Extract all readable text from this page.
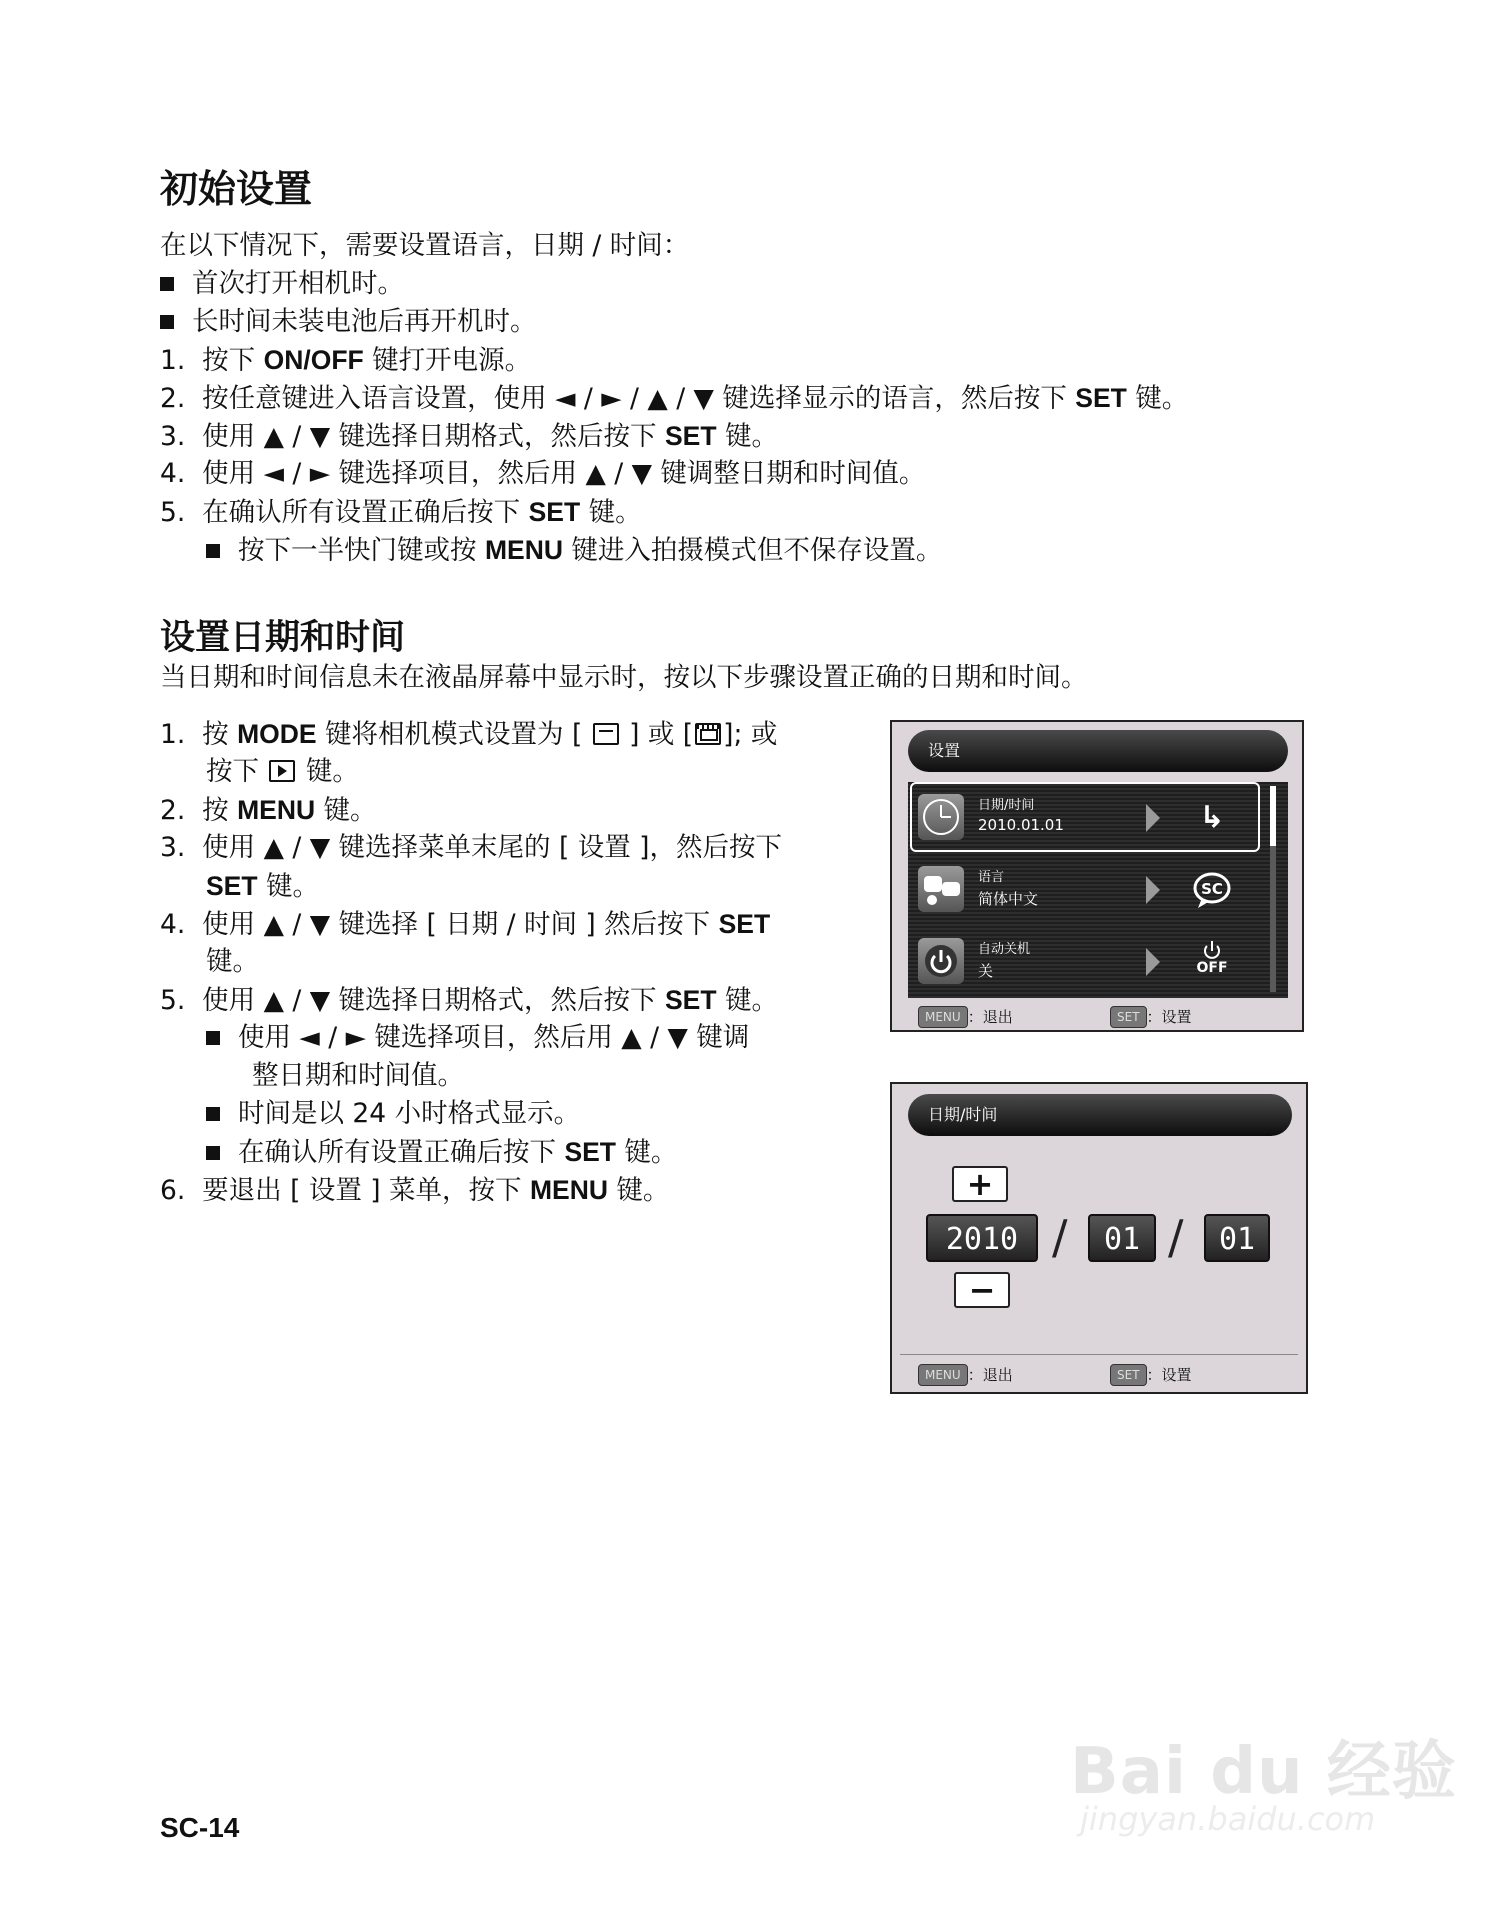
初始设置
在以下情况下，需要设置语言，日期 / 时间：
首次打开相机时。
长时间未装电池后再开机时。
1. 按下 ON/OFF 键打开电源。
2. 按任意键进入语言设置，使用 ◄ / ► / ▲ / ▼ 键选择显示的语言，然后按下 SET 键。
3. 使用 ▲ / ▼ 键选择日期格式，然后按下 SET 键。
4. 使用 ◄ / ► 键选择项目，然后用 ▲ / ▼ 键调整日期和时间值。
5. 在确认所有设置正确后按下 SET 键。
按下一半快门键或按 MENU 键进入拍摄模式但不保存设置。
设置日期和时间
当日期和时间信息未在液晶屏幕中显示时，按以下步骤设置正确的日期和时间。
1. 按 MODE 键将相机模式设置为 [  ] 或 [ ]; 或
按下  键。
2. 按 MENU 键。
3. 使用 ▲ / ▼ 键选择菜单末尾的 [ 设置 ]，然后按下
SET 键。
4. 使用 ▲ / ▼ 键选择 [ 日期 / 时间 ] 然后按下 SET
键。
5. 使用 ▲ / ▼ 键选择日期格式，然后按下 SET 键。
使用 ◄ / ► 键选择项目，然后用 ▲ / ▼ 键调
整日期和时间值。
时间是以 24 小时格式显示。
在确认所有设置正确后按下 SET 键。
6. 要退出 [ 设置 ] 菜单，按下 MENU 键。
设置
日期/时间
2010.01.01	↳
语言
简体中文
SC
自动关机
关	OFF
MENU ：退出	SET ：设置
日期/时间
+
2010 /	01 /	01
−
MENU ：退出	SET ：设置
Bai du 经验
jingyan.baidu.com
SC-14
